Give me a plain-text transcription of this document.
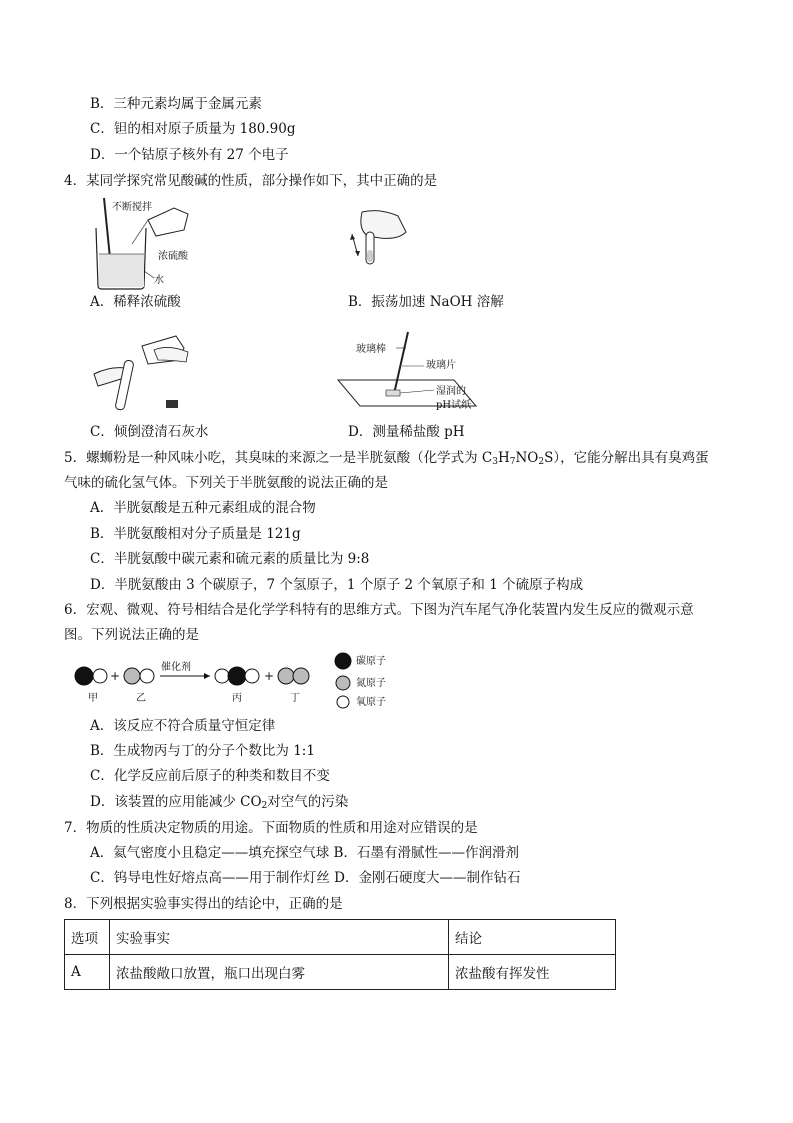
B．三种元素均属于金属元素
C．钽的相对原子质量为 180.90g
D．一个钴原子核外有 27 个电子
4．某同学探究常见酸碱的性质，部分操作如下，其中正确的是
不断搅拌
浓硫酸
水
A．稀释浓硫酸	B．振荡加速 NaOH 溶解
C．倾倒澄清石灰水
玻璃棒
玻璃片
湿润的
pH试纸
D．测量稀盐酸 pH
5．螺蛳粉是一种风味小吃，其臭味的来源之一是半胱氨酸（化学式为 $C_3H_7NO_2S$），它能分解出具有臭鸡蛋
气味的硫化氢气体。下列关于半胱氨酸的说法正确的是
A．半胱氨酸是五种元素组成的混合物
B．半胱氨酸相对分子质量是 121g
C．半胱氨酸中碳元素和硫元素的质量比为 9:8
D．半胱氨酸由 3 个碳原子，7 个氢原子，1 个原子 2 个氧原子和 1 个硫原子构成
6．宏观、微观、符号相结合是化学学科特有的思维方式。下图为汽车尾气净化装置内发生反应的微观示意
图。下列说法正确的是
催化剂
+	+
甲	乙	丙	丁
碳原子
氮原子
氧原子
A．该反应不符合质量守恒定律
B．生成物丙与丁的分子个数比为 1:1
C．化学反应前后原子的种类和数目不变
D．该装置的应用能减少 $CO_2$对空气的污染
7．物质的性质决定物质的用途。下面物质的性质和用途对应错误的是
A．氦气密度小且稳定——填充探空气球 B．石墨有滑腻性——作润滑剂
C．钨导电性好熔点高——用于制作灯丝 D．金刚石硬度大——制作钻石
8．下列根据实验事实得出的结论中，正确的是
选项	实验事实	结论
A	浓盐酸敞口放置，瓶口出现白雾	浓盐酸有挥发性
